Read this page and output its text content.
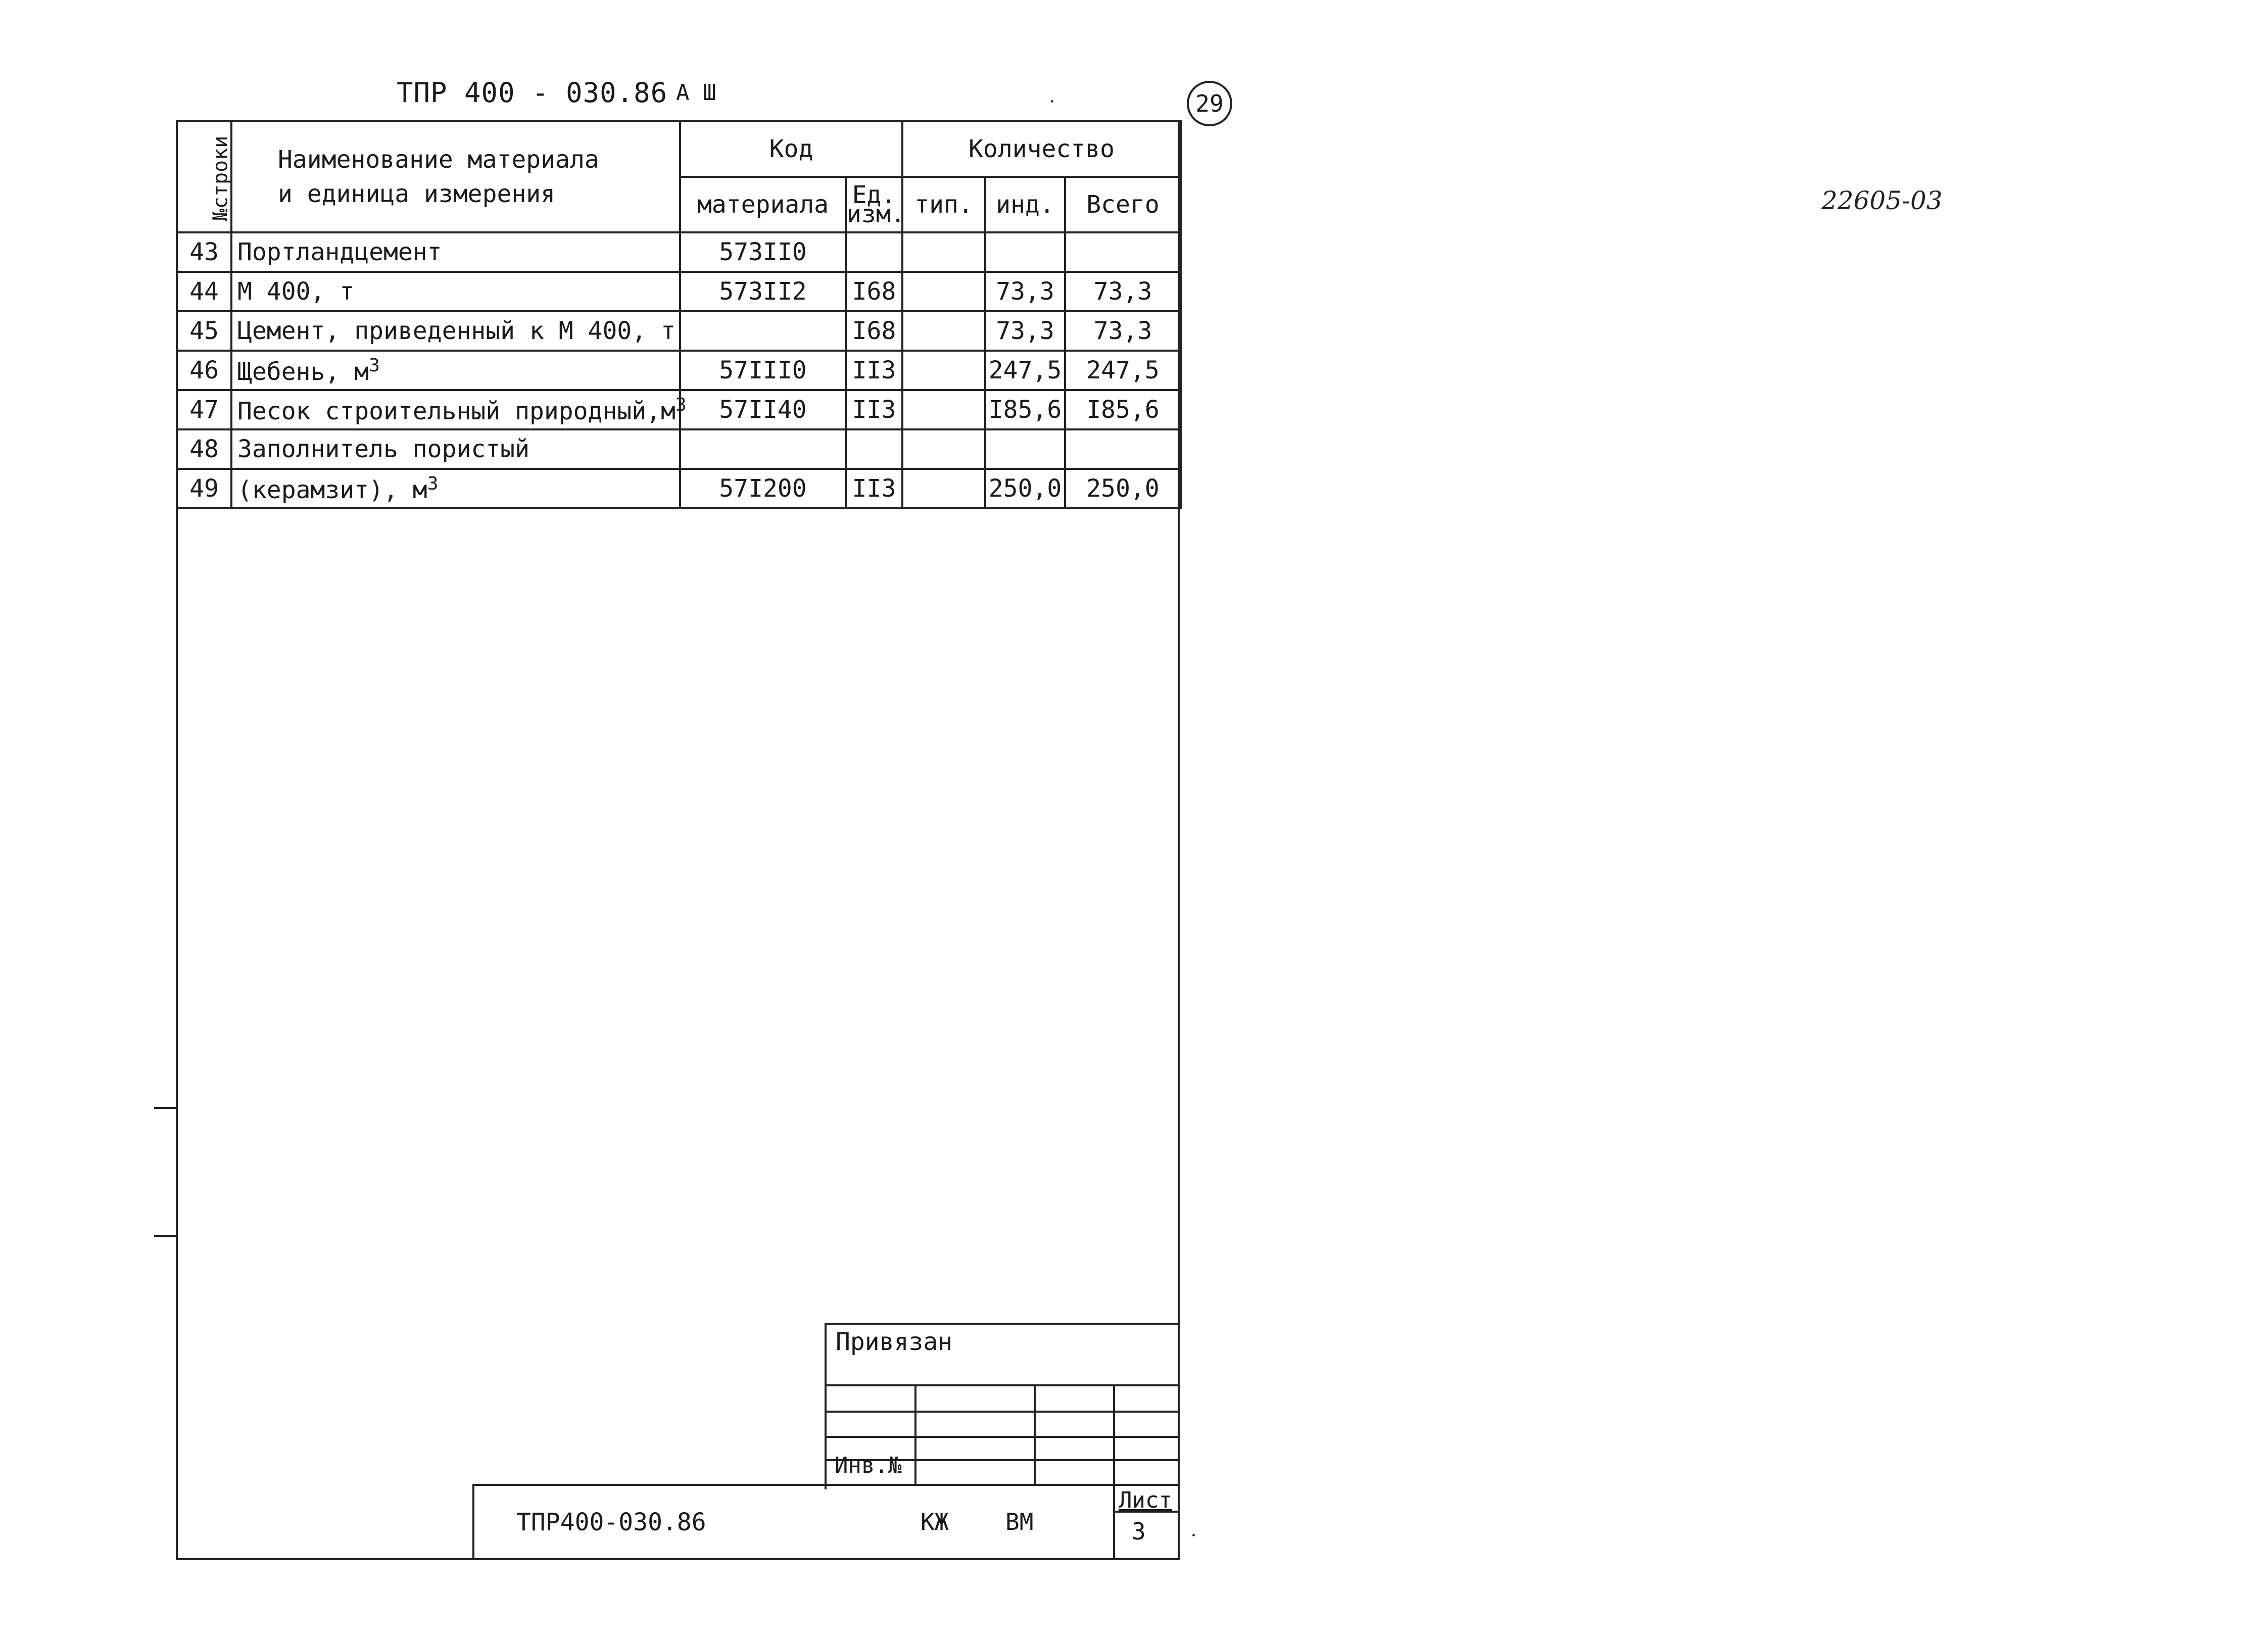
ТПР 400 - 030.86 А Ш	29
22605-03
№строки	Наименование материала
и единица измерения	Код		Количество		
		материала	Ед. изм.	тип.	инд.	Всего
43	Портландцемент	573II0				
44	М 400, т	573II2	I68		73,3	73,3
45	Цемент, приведенный к М 400, т		I68		73,3	73,3
46	Щебень, $м^3$	57III0	II3		247,5	247,5
47	Песок строительный $природный,м^3$	57II40	II3		I85,6	I85,6
48	Заполнитель пористый					
49	(керамзит), $м^3$	57I200	II3		250,0	250,0
Привязан
Инв.№
ТПР400-030.86	КЖ ВМ
Лист
3
